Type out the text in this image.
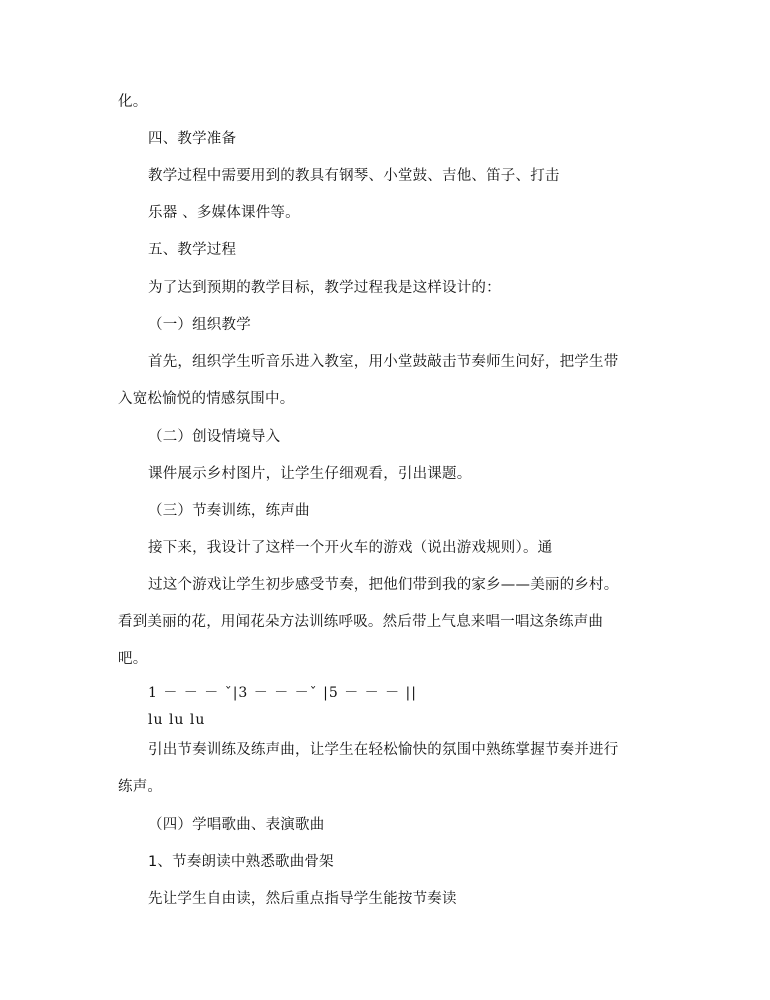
化。
四、教学准备
教学过程中需要用到的教具有钢琴、小堂鼓、吉他、笛子、打击
乐器 、多媒体课件等。
五、教学过程
为了达到预期的教学目标，教学过程我是这样设计的：
（一）组织教学
首先，组织学生听音乐进入教室，用小堂鼓敲击节奏师生问好，把学生带
入宽松愉悦的情感氛围中。
（二）创设情境导入
课件展示乡村图片，让学生仔细观看，引出课题。
（三）节奏训练，练声曲
接下来，我设计了这样一个开火车的游戏（说出游戏规则）。通
过这个游戏让学生初步感受节奏，把他们带到我的家乡——美丽的乡村。
看到美丽的花，用闻花朵方法训练呼吸。然后带上气息来唱一唱这条练声曲
吧。
1 － － － ˇ|3 － － －ˇ |5 － － － ||
lu lu lu
引出节奏训练及练声曲，让学生在轻松愉快的氛围中熟练掌握节奏并进行
练声。
（四）学唱歌曲、表演歌曲
1、节奏朗读中熟悉歌曲骨架
先让学生自由读，然后重点指导学生能按节奏读
